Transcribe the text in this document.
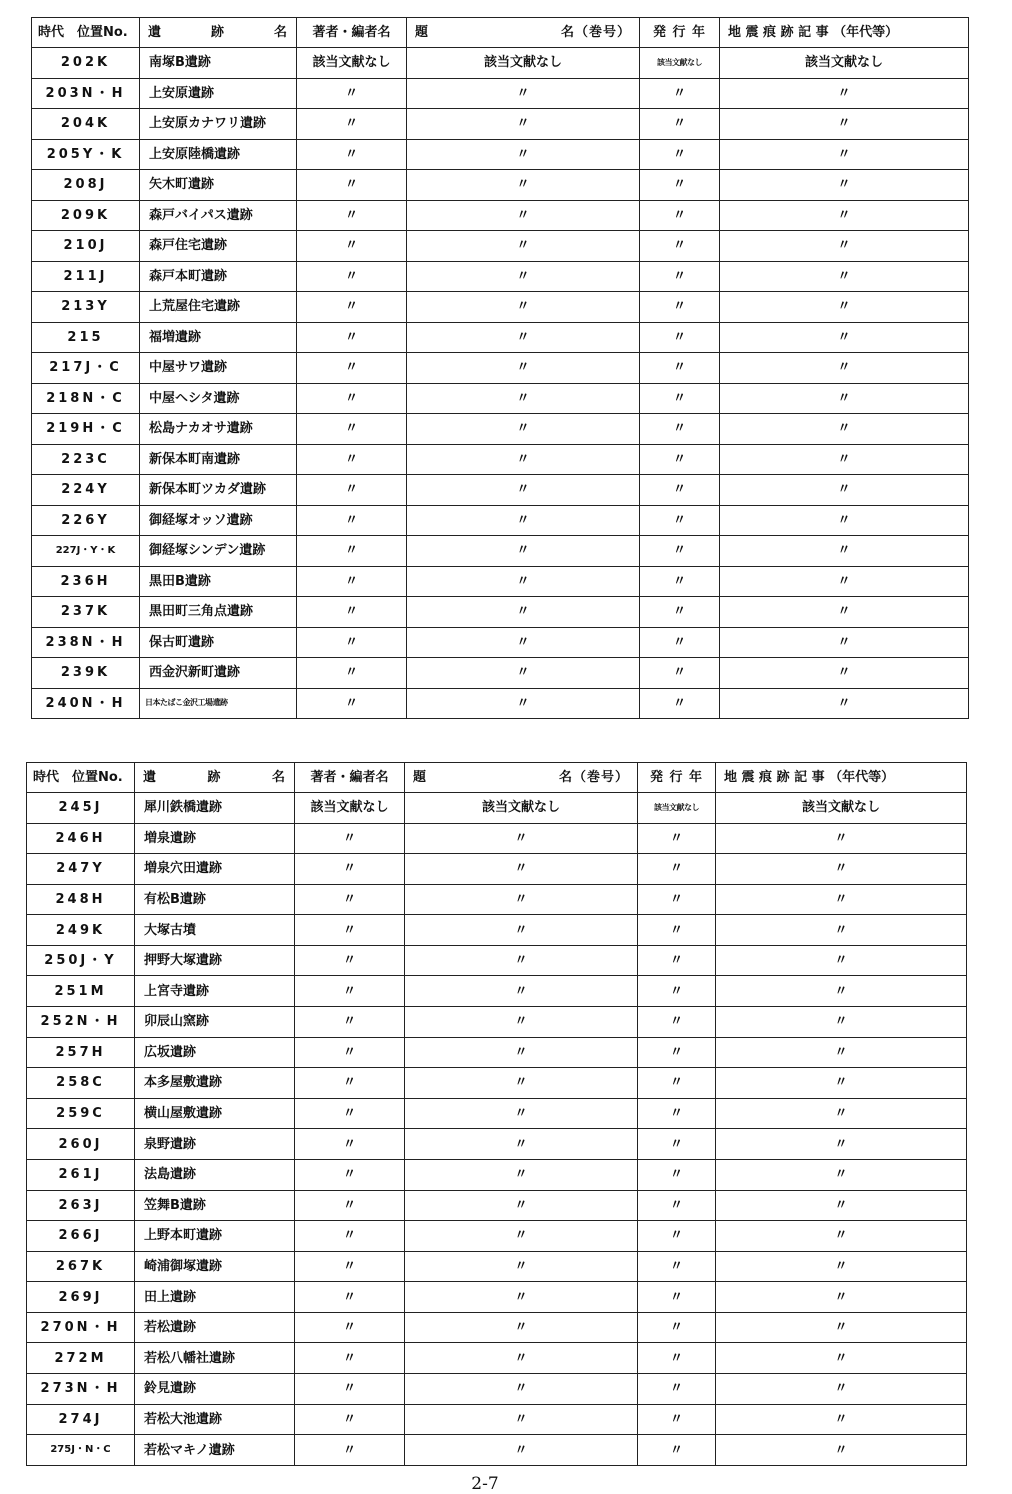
時代　位置No.	遺 跡 名	著者・編者名	題 名（巻号）	発 行 年	地 震 痕 跡 記 事 （年代等）

202K	南塚B遺跡	該当文献なし	該当文献なし	該当文献なし	該当文献なし
203N・H	上安原遺跡	〃	〃	〃	〃
204K	上安原カナワリ遺跡	〃	〃	〃	〃
205Y・K	上安原陸橋遺跡	〃	〃	〃	〃
208J	矢木町遺跡	〃	〃	〃	〃
209K	森戸バイパス遺跡	〃	〃	〃	〃
210J	森戸住宅遺跡	〃	〃	〃	〃
211J	森戸本町遺跡	〃	〃	〃	〃
213Y	上荒屋住宅遺跡	〃	〃	〃	〃
215	福増遺跡	〃	〃	〃	〃
217J・C	中屋サワ遺跡	〃	〃	〃	〃
218N・C	中屋ヘシタ遺跡	〃	〃	〃	〃
219H・C	松島ナカオサ遺跡	〃	〃	〃	〃
223C	新保本町南遺跡	〃	〃	〃	〃
224Y	新保本町ツカダ遺跡	〃	〃	〃	〃
226Y	御経塚オッソ遺跡	〃	〃	〃	〃
227J・Y・K	御経塚シンデン遺跡	〃	〃	〃	〃
236H	黒田B遺跡	〃	〃	〃	〃
237K	黒田町三角点遺跡	〃	〃	〃	〃
238N・H	保古町遺跡	〃	〃	〃	〃
239K	西金沢新町遺跡	〃	〃	〃	〃
240N・H	日本たばこ金沢工場遺跡	〃	〃	〃	〃
時代　位置No.	遺 跡 名	著者・編者名	題 名（巻号）	発 行 年	地 震 痕 跡 記 事 （年代等）

245J	犀川鉄橋遺跡	該当文献なし	該当文献なし	該当文献なし	該当文献なし
246H	増泉遺跡	〃	〃	〃	〃
247Y	増泉穴田遺跡	〃	〃	〃	〃
248H	有松B遺跡	〃	〃	〃	〃
249K	大塚古墳	〃	〃	〃	〃
250J・Y	押野大塚遺跡	〃	〃	〃	〃
251M	上宮寺遺跡	〃	〃	〃	〃
252N・H	卯辰山窯跡	〃	〃	〃	〃
257H	広坂遺跡	〃	〃	〃	〃
258C	本多屋敷遺跡	〃	〃	〃	〃
259C	横山屋敷遺跡	〃	〃	〃	〃
260J	泉野遺跡	〃	〃	〃	〃
261J	法島遺跡	〃	〃	〃	〃
263J	笠舞B遺跡	〃	〃	〃	〃
266J	上野本町遺跡	〃	〃	〃	〃
267K	崎浦御塚遺跡	〃	〃	〃	〃
269J	田上遺跡	〃	〃	〃	〃
270N・H	若松遺跡	〃	〃	〃	〃
272M	若松八幡社遺跡	〃	〃	〃	〃
273N・H	鈴見遺跡	〃	〃	〃	〃
274J	若松大池遺跡	〃	〃	〃	〃
275J・N・C	若松マキノ遺跡	〃	〃	〃	〃
2-7
